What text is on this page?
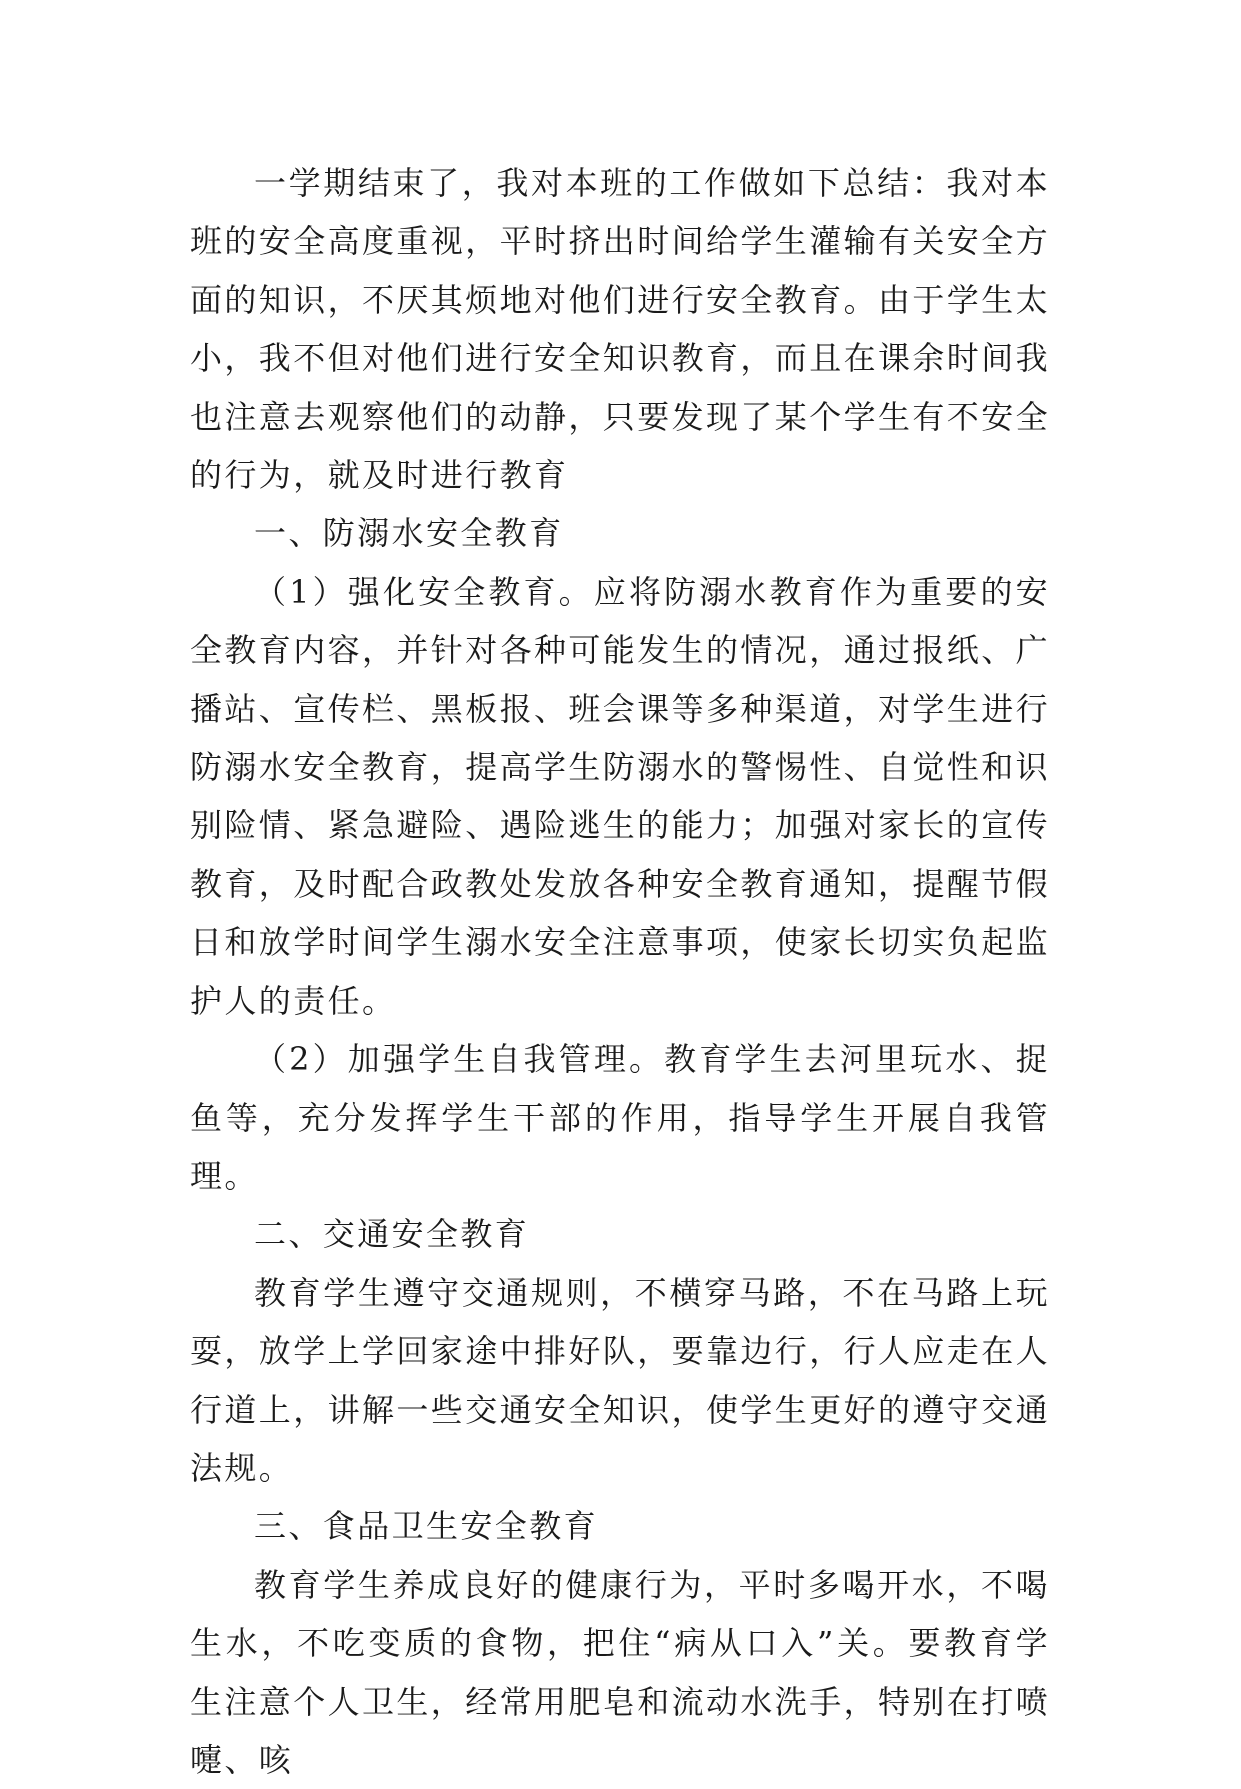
一学期结束了，我对本班的工作做如下总结：我对本班的安全高度重视，平时挤出时间给学生灌输有关安全方面的知识，不厌其烦地对他们进行安全教育。由于学生太小，我不但对他们进行安全知识教育，而且在课余时间我也注意去观察他们的动静，只要发现了某个学生有不安全的行为，就及时进行教育

一、防溺水安全教育

（1）强化安全教育。应将防溺水教育作为重要的安全教育内容，并针对各种可能发生的情况，通过报纸、广播站、宣传栏、黑板报、班会课等多种渠道，对学生进行防溺水安全教育，提高学生防溺水的警惕性、自觉性和识别险情、紧急避险、遇险逃生的能力；加强对家长的宣传教育，及时配合政教处发放各种安全教育通知，提醒节假日和放学时间学生溺水安全注意事项，使家长切实负起监护人的责任。

（2）加强学生自我管理。教育学生去河里玩水、捉鱼等，充分发挥学生干部的作用，指导学生开展自我管理。

二、交通安全教育

教育学生遵守交通规则，不横穿马路，不在马路上玩耍，放学上学回家途中排好队，要靠边行，行人应走在人行道上，讲解一些交通安全知识，使学生更好的遵守交通法规。

三、食品卫生安全教育

教育学生养成良好的健康行为，平时多喝开水，不喝生水，不吃变质的食物，把住“病从口入”关。要教育学生注意个人卫生，经常用肥皂和流动水洗手，特别在打喷嚏、咳
